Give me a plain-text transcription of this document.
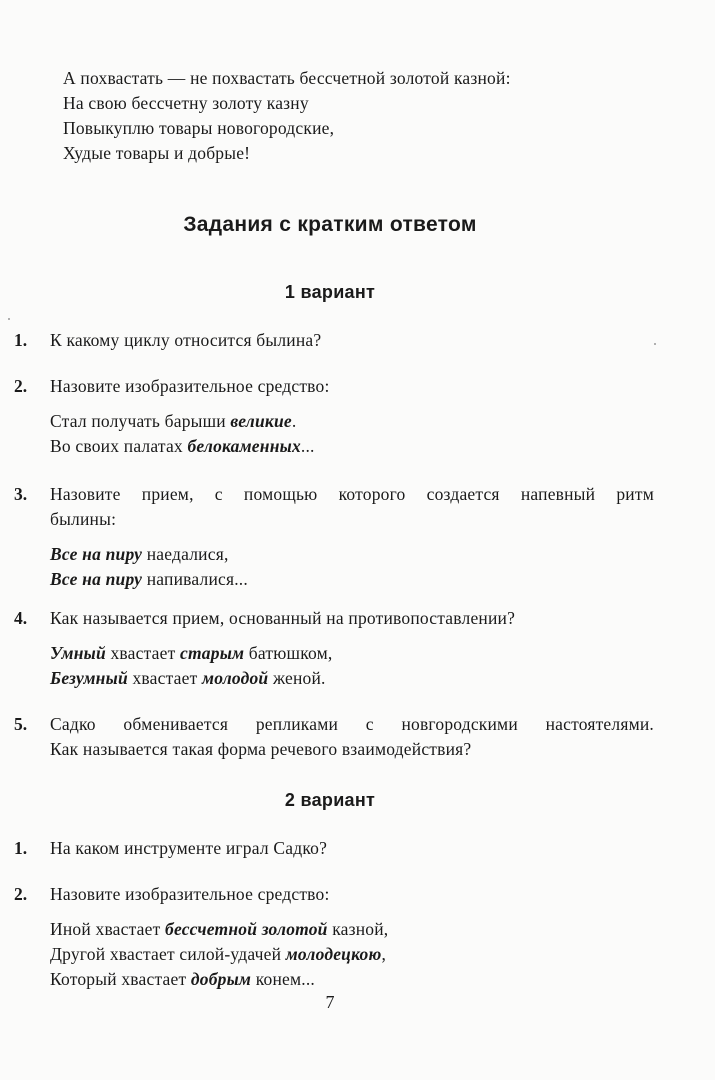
А похвастать — не похвастать бессчетной золотой казной:
На свою бессчетну золоту казну
Повыкуплю товары новогородские,
Худые товары и добрые!
Задания с кратким ответом
1 вариант
1. К какому циклу относится былина?
2. Назовите изобразительное средство:
Стал получать барыши великие.
Во своих палатах белокаменных...
3. Назовите прием, с помощью которого создается напевный ритм
былины:
Все на пиру наедалися,
Все на пиру напивалися...
4. Как называется прием, основанный на противопоставлении?
Умный хвастает старым батюшком,
Безумный хвастает молодой женой.
5. Садко обменивается репликами с новгородскими настоятелями.
Как называется такая форма речевого взаимодействия?
2 вариант
1. На каком инструменте играл Садко?
2. Назовите изобразительное средство:
Иной хвастает бессчетной золотой казной,
Другой хвастает силой-удачей молодецкою,
Который хвастает добрым конем...
7
